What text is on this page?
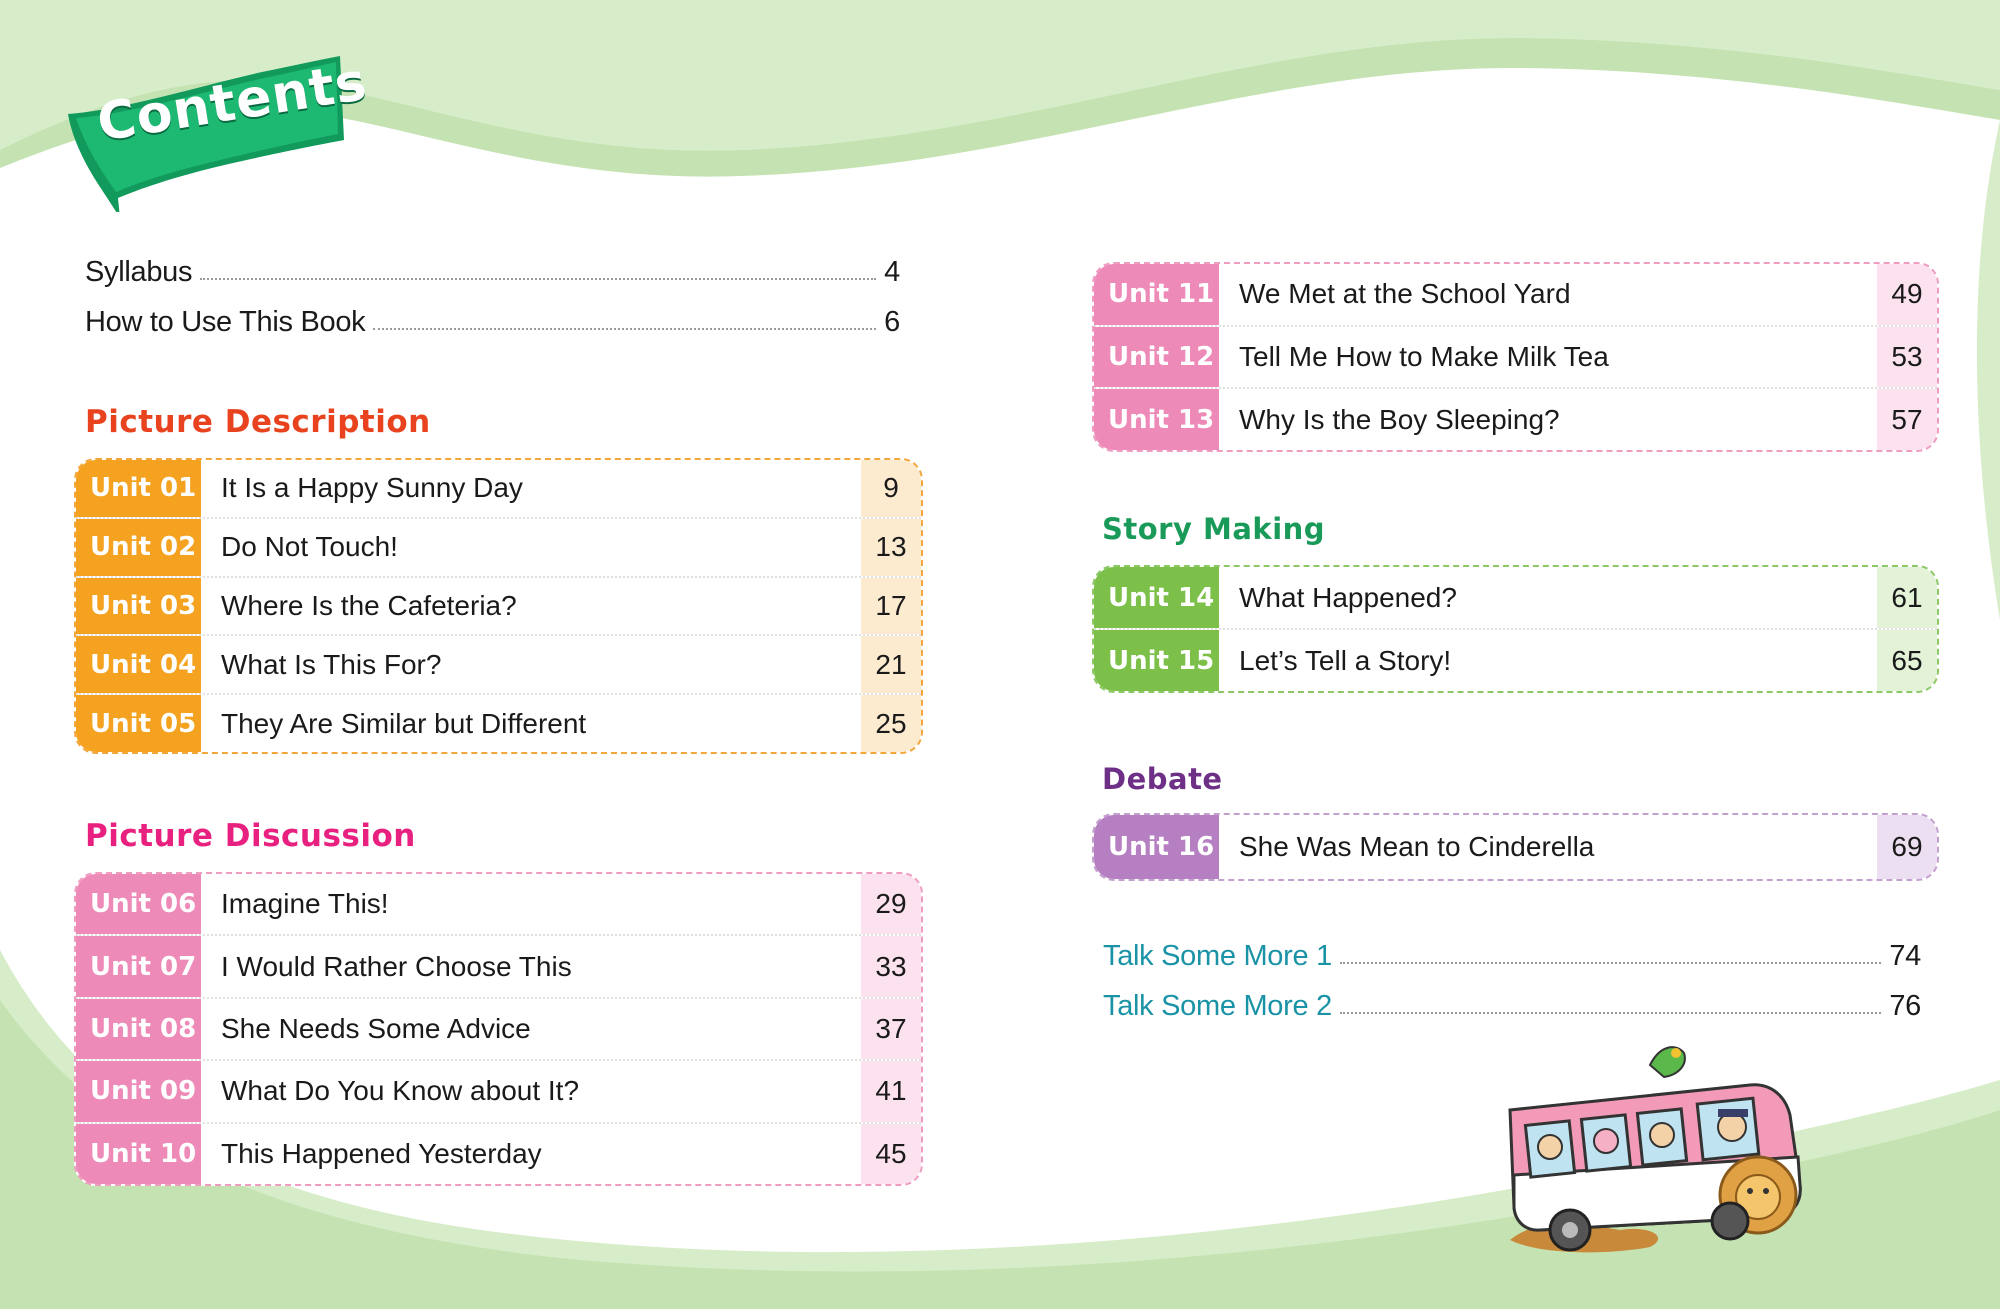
Contents
Syllabus	4
How to Use This Book	6
Picture Description
Unit 01 It Is a Happy Sunny Day	9
Unit 02 Do Not Touch!	13
Unit 03 Where Is the Cafeteria?	17
Unit 04 What Is This For?	21
Unit 05 They Are Similar but Different	25
Picture Discussion
Unit 06 Imagine This!	29
Unit 07 I Would Rather Choose This	33
Unit 08 She Needs Some Advice	37
Unit 09 What Do You Know about It?	41
Unit 10 This Happened Yesterday	45
Unit 11 We Met at the School Yard	49
Unit 12 Tell Me How to Make Milk Tea	53
Unit 13 Why Is the Boy Sleeping?	57
Story Making
Unit 14 What Happened?	61
Unit 15 Let’s Tell a Story!	65
Debate
Unit 16 She Was Mean to Cinderella	69
Talk Some More 1	74
Talk Some More 2	76
